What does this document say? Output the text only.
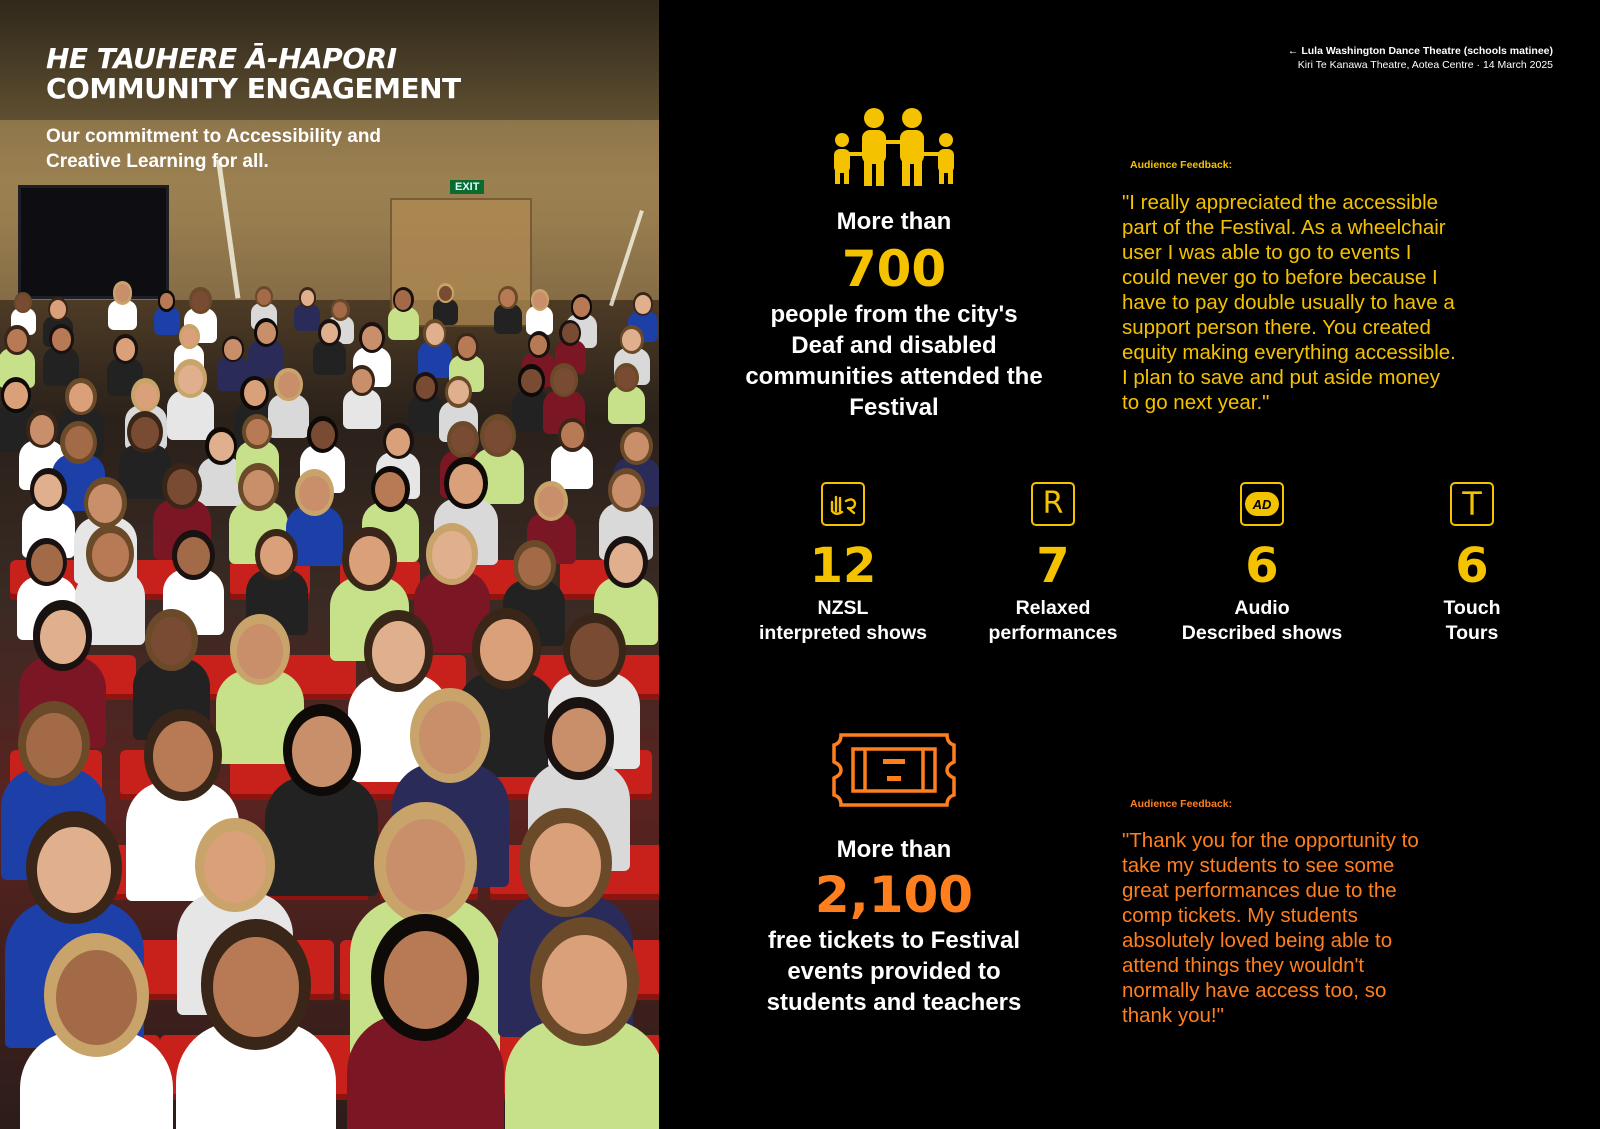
EXIT
HE TAUHERE Ā-HAPORI
COMMUNITY ENGAGEMENT
Our commitment to Accessibility and Creative Learning for all.
← Lula Washington Dance Theatre (schools matinee)
Kiri Te Kanawa Theatre, Aotea Centre · 14 March 2025
More than
700
people from the city's Deaf and disabled communities attended the Festival
Audience Feedback:
"I really appreciated the accessible part of the Festival. As a wheelchair user I was able to go to events I could never go to before because I have to pay double usually to have a support person there. You created equity making everything accessible. I plan to save and put aside money to go next year."
12
NZSL
interpreted shows
R
7
Relaxed
performances
AD
6
Audio
Described shows
T
6
Touch
Tours
More than
2,100
free tickets to Festival events provided to students and teachers
Audience Feedback:
"Thank you for the opportunity to take my students to see some great performances due to the comp tickets. My students absolutely loved being able to attend things they wouldn't normally have access too, so thank you!"
